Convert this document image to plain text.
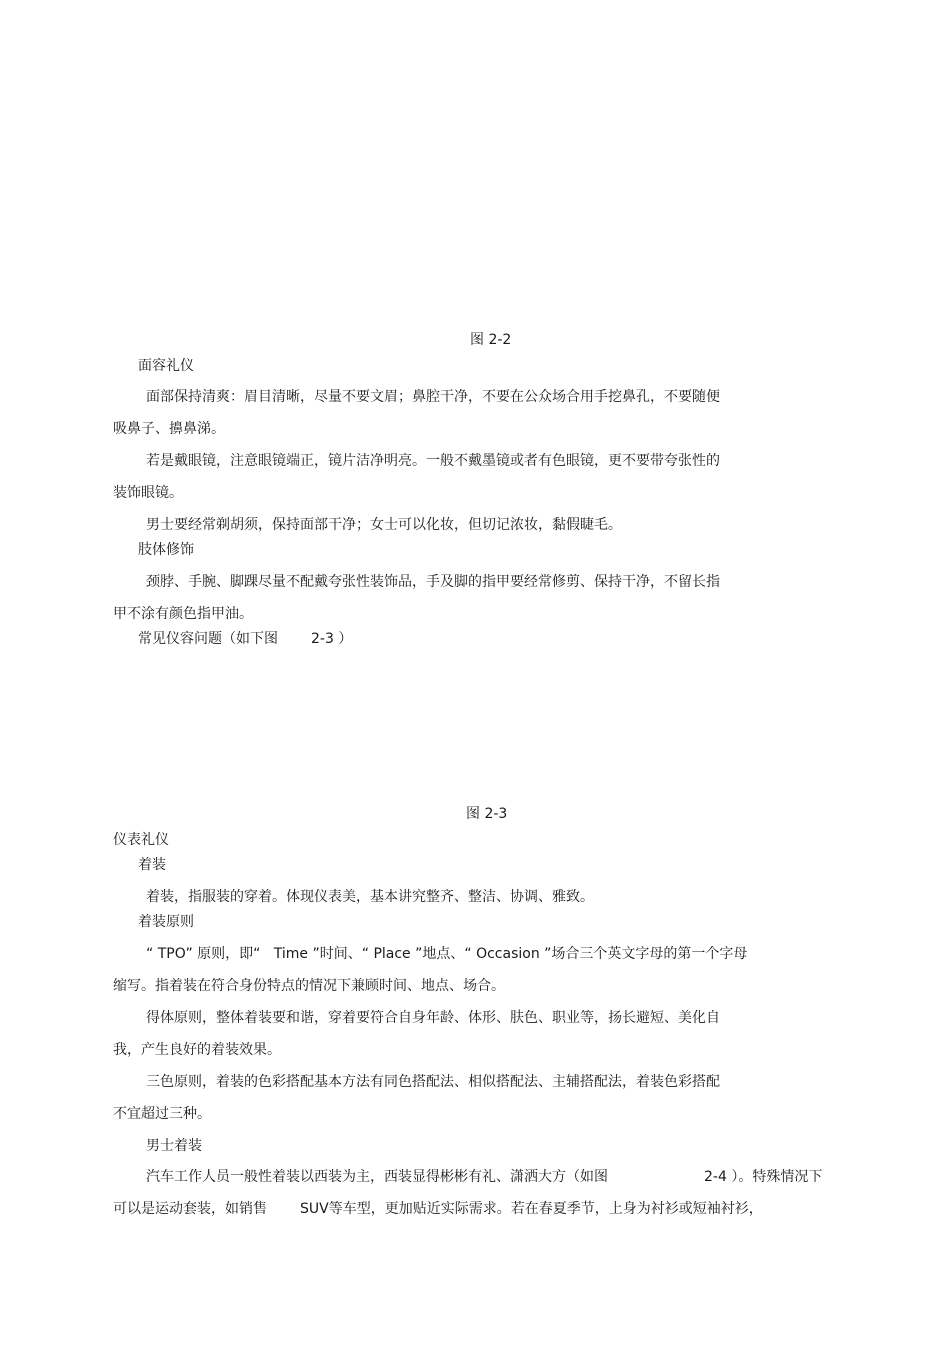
图 2-2
面容礼仪
面部保持清爽：眉目清晰，尽量不要文眉；鼻腔干净，不要在公众场合用手挖鼻孔，不要随便
吸鼻子、擤鼻涕。
若是戴眼镜，注意眼镜端正，镜片洁净明亮。一般不戴墨镜或者有色眼镜，更不要带夸张性的
装饰眼镜。
男士要经常剃胡须，保持面部干净；女士可以化妆，但切记浓妆，黏假睫毛。
肢体修饰
颈脖、手腕、脚踝尽量不配戴夸张性装饰品，手及脚的指甲要经常修剪、保持干净，不留长指
甲不涂有颜色指甲油。
常见仪容问题（如下图 2-3 ）
图 2-3
仪表礼仪
着装
着装，指服装的穿着。体现仪表美，基本讲究整齐、整洁、协调、雅致。
着装原则
“ TPO” 原则，即“   Time ”时间、“ Place ”地点、“ Occasion ”场合三个英文字母的第一个字母
缩写。指着装在符合身份特点的情况下兼顾时间、地点、场合。
得体原则，整体着装要和谐，穿着要符合自身年龄、体形、肤色、职业等，扬长避短、美化自
我，产生良好的着装效果。
三色原则，着装的色彩搭配基本方法有同色搭配法、相似搭配法、主辅搭配法，着装色彩搭配
不宜超过三种。
男士着装
汽车工作人员一般性着装以西装为主，西装显得彬彬有礼、潇洒大方（如图	2-4 ）。特殊情况下
可以是运动套装，如销售 SUV等车型，更加贴近实际需求。若在春夏季节，上身为衬衫或短袖衬衫，
